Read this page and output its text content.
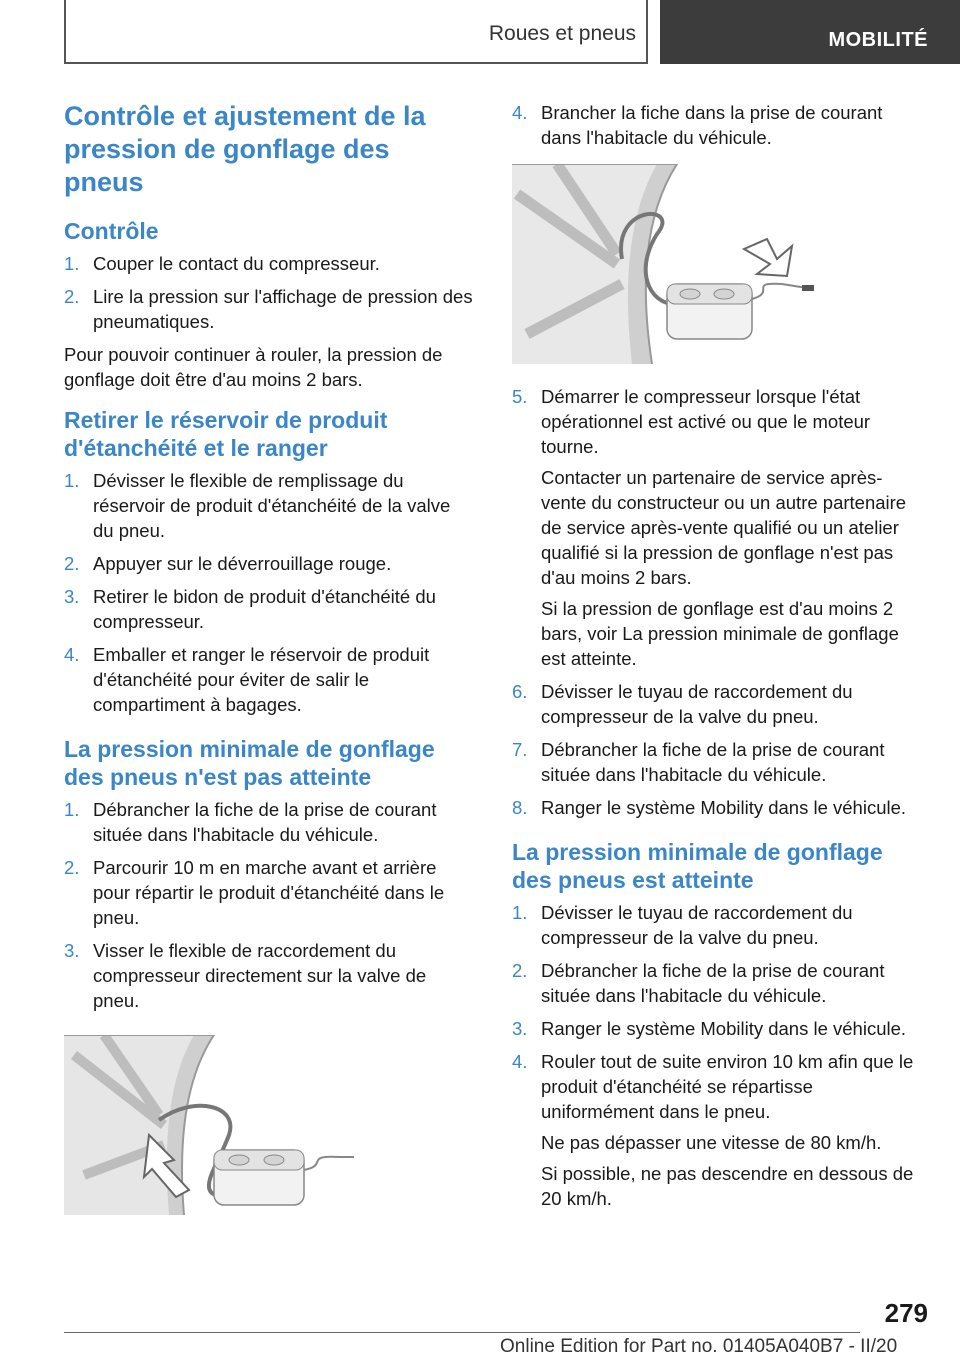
Roues et pneus	MOBILITÉ
Contrôle et ajustement de la pression de gonflage des pneus
Contrôle
1. Couper le contact du compresseur.
2. Lire la pression sur l'affichage de pression des pneumatiques.

Pour pouvoir continuer à rouler, la pression de gonflage doit être d'au moins 2 bars.

Retirer le réservoir de produit d'étanchéité et le ranger
1. Dévisser le flexible de remplissage du réservoir de produit d'étanchéité de la valve du pneu.
2. Appuyer sur le déverrouillage rouge.
3. Retirer le bidon de produit d'étanchéité du compresseur.
4. Emballer et ranger le réservoir de produit d'étanchéité pour éviter de salir le compartiment à bagages.
La pression minimale de gonflage des pneus n'est pas atteinte
1. Débrancher la fiche de la prise de courant située dans l'habitacle du véhicule.
2. Parcourir 10 m en marche avant et arrière pour répartir le produit d'étanchéité dans le pneu.
3. Visser le flexible de raccordement du compresseur directement sur la valve de pneu.
4. Brancher la fiche dans la prise de courant dans l'habitacle du véhicule.
5. Démarrer le compresseur lorsque l'état opérationnel est activé ou que le moteur tourne.
Contacter un partenaire de service après-vente du constructeur ou un autre partenaire de service après-vente qualifié ou un atelier qualifié si la pression de gonflage n'est pas d'au moins 2 bars.
Si la pression de gonflage est d'au moins 2 bars, voir La pression minimale de gonflage est atteinte.
6. Dévisser le tuyau de raccordement du compresseur de la valve du pneu.
7. Débrancher la fiche de la prise de courant située dans l'habitacle du véhicule.
8. Ranger le système Mobility dans le véhicule.
La pression minimale de gonflage des pneus est atteinte
1. Dévisser le tuyau de raccordement du compresseur de la valve du pneu.
2. Débrancher la fiche de la prise de courant située dans l'habitacle du véhicule.
3. Ranger le système Mobility dans le véhicule.
4. Rouler tout de suite environ 10 km afin que le produit d'étanchéité se répartisse uniformément dans le pneu.
Ne pas dépasser une vitesse de 80 km/h.
Si possible, ne pas descendre en dessous de 20 km/h.
279
Online Edition for Part no. 01405A040B7 - II/20
